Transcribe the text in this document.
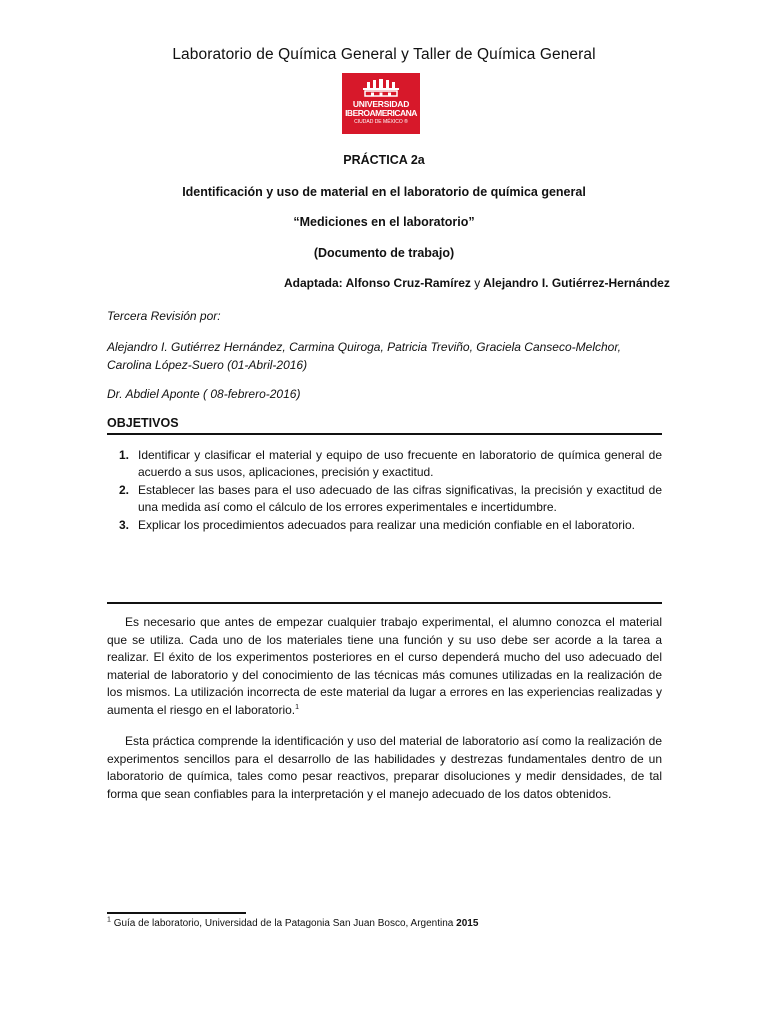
Laboratorio de Química General y Taller de Química General
UNIVERSIDAD
IBEROAMERICANA
CIUDAD DE MÉXICO ®
PRÁCTICA 2a
Identificación y uso de material en el laboratorio de química general
“Mediciones en el laboratorio”
(Documento de trabajo)
Adaptada: Alfonso Cruz-Ramírez y Alejandro I. Gutiérrez-Hernández
Tercera Revisión por:
Alejandro I. Gutiérrez Hernández, Carmina Quiroga, Patricia Treviño, Graciela Canseco-Melchor, Carolina López-Suero (01-Abril-2016)
Dr. Abdiel Aponte ( 08-febrero-2016)
OBJETIVOS
1. Identificar y clasificar el material y equipo de uso frecuente en laboratorio de química general de acuerdo a sus usos, aplicaciones, precisión y exactitud.
2. Establecer las bases para el uso adecuado de las cifras significativas, la precisión y exactitud de una medida así como el cálculo de los errores experimentales e incertidumbre.
3. Explicar los procedimientos adecuados para realizar una medición confiable en el laboratorio.

Es necesario que antes de empezar cualquier trabajo experimental, el alumno conozca el material que se utiliza. Cada uno de los materiales tiene una función y su uso debe ser acorde a la tarea a realizar. El éxito de los experimentos posteriores en el curso dependerá mucho del uso adecuado del material de laboratorio y del conocimiento de las técnicas más comunes utilizadas en la realización de los mismos. La utilización incorrecta de este material da lugar a errores en las experiencias realizadas y aumenta el riesgo en el laboratorio.$^1$

Esta práctica comprende la identificación y uso del material de laboratorio así como la realización de experimentos sencillos para el desarrollo de las habilidades y destrezas fundamentales dentro de un laboratorio de química, tales como pesar reactivos, preparar disoluciones y medir densidades, de tal forma que sean confiables para la interpretación y el manejo adecuado de los datos obtenidos.

$^1$ Guía de laboratorio, Universidad de la Patagonia San Juan Bosco, Argentina 2015
